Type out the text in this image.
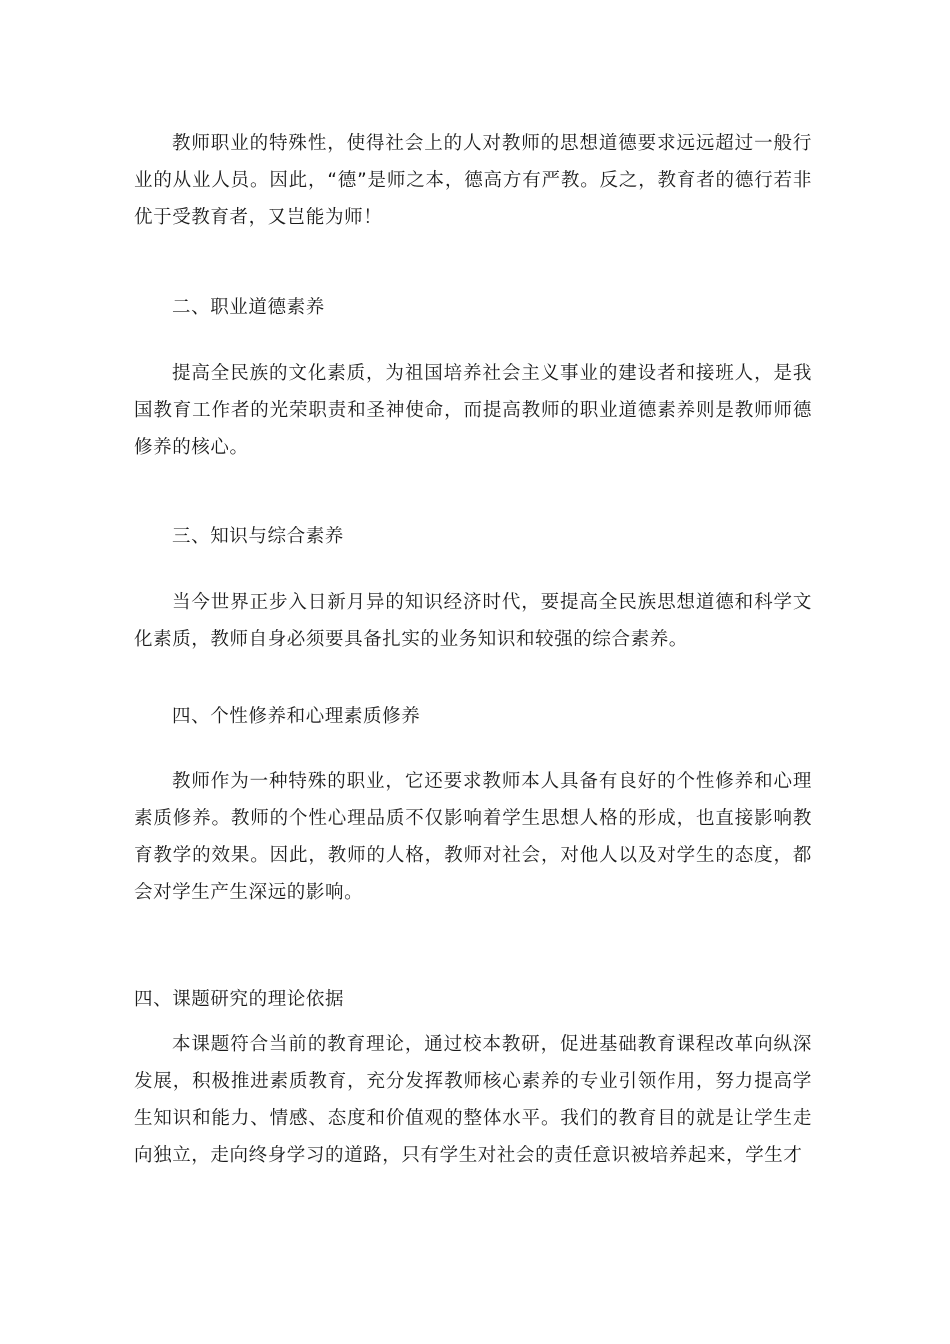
教师职业的特殊性，使得社会上的人对教师的思想道德要求远远超过一般行业的从业人员。因此，“德”是师之本，德高方有严教。反之，教育者的德行若非优于受教育者，又岂能为师！

二、职业道德素养

提高全民族的文化素质，为祖国培养社会主义事业的建设者和接班人，是我国教育工作者的光荣职责和圣神使命，而提高教师的职业道德素养则是教师师德修养的核心。

三、知识与综合素养

当今世界正步入日新月异的知识经济时代，要提高全民族思想道德和科学文化素质，教师自身必须要具备扎实的业务知识和较强的综合素养。

四、个性修养和心理素质修养

教师作为一种特殊的职业，它还要求教师本人具备有良好的个性修养和心理素质修养。教师的个性心理品质不仅影响着学生思想人格的形成，也直接影响教育教学的效果。因此，教师的人格，教师对社会，对他人以及对学生的态度，都会对学生产生深远的影响。

四、课题研究的理论依据

本课题符合当前的教育理论，通过校本教研，促进基础教育课程改革向纵深发展，积极推进素质教育，充分发挥教师核心素养的专业引领作用，努力提高学生知识和能力、情感、态度和价值观的整体水平。我们的教育目的就是让学生走向独立，走向终身学习的道路，只有学生对社会的责任意识被培养起来，学生才
